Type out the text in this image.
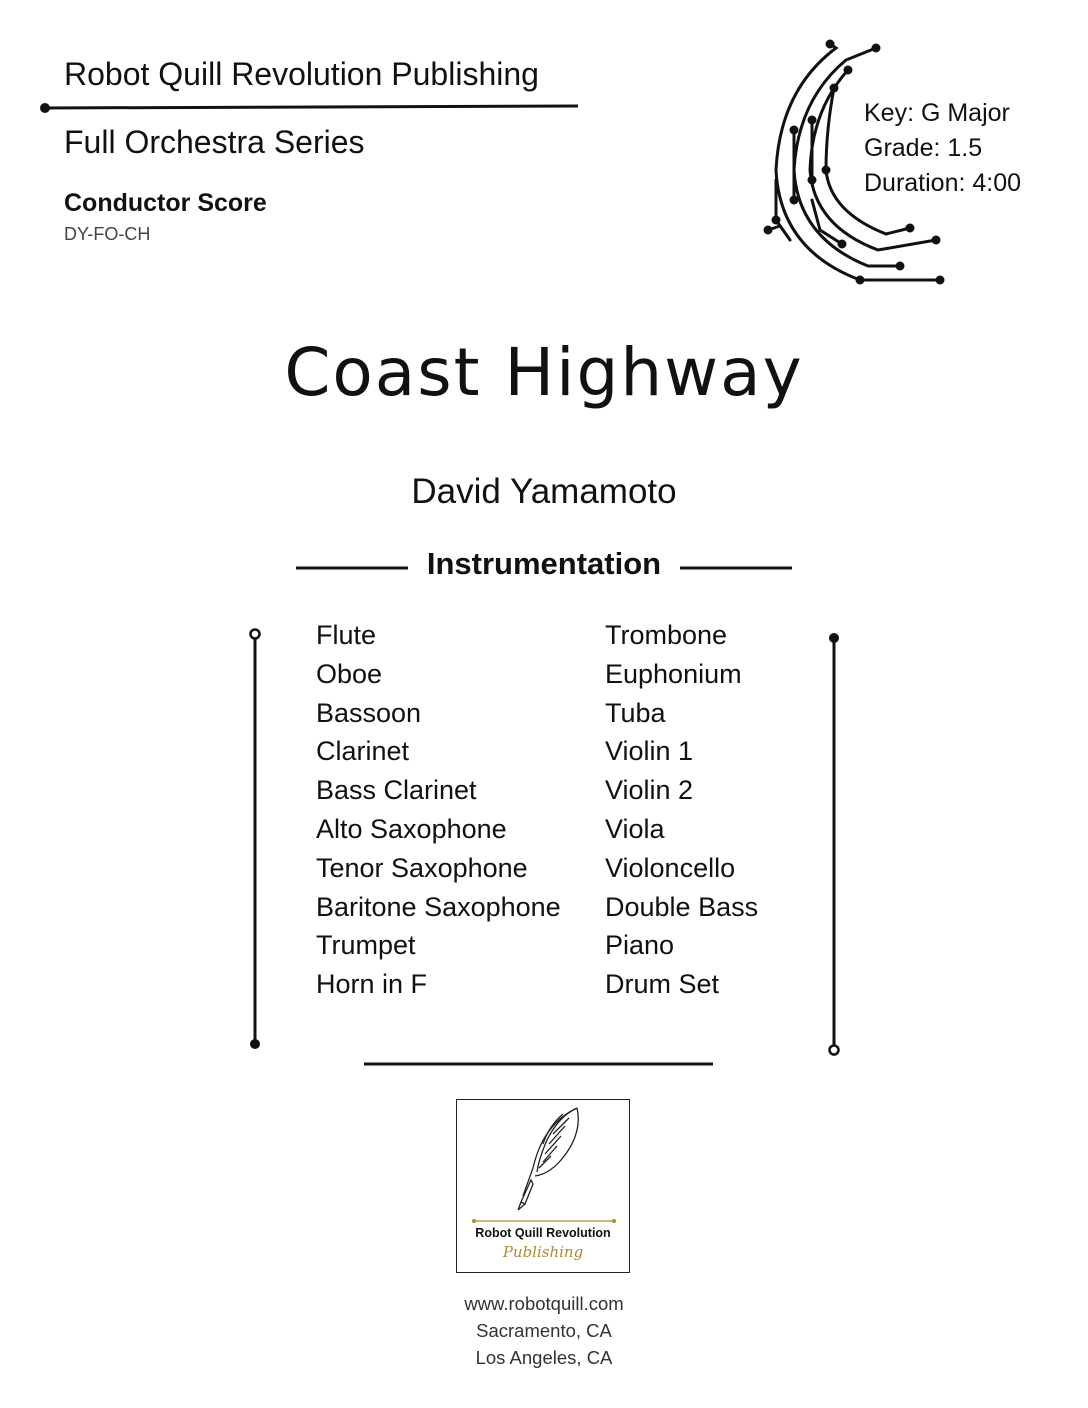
Robot Quill Revolution Publishing
Full Orchestra Series
Conductor Score
DY-FO-CH
Key: G Major
Grade: 1.5
Duration: 4:00
Coast Highway
David Yamamoto
Instrumentation
Flute
Oboe
Bassoon
Clarinet
Bass Clarinet
Alto Saxophone
Tenor Saxophone
Baritone Saxophone
Trumpet
Horn in F
Trombone
Euphonium
Tuba
Violin 1
Violin 2
Viola
Violoncello
Double Bass
Piano
Drum Set
Robot Quill Revolution
Publishing
www.robotquill.com
Sacramento, CA
Los Angeles, CA
